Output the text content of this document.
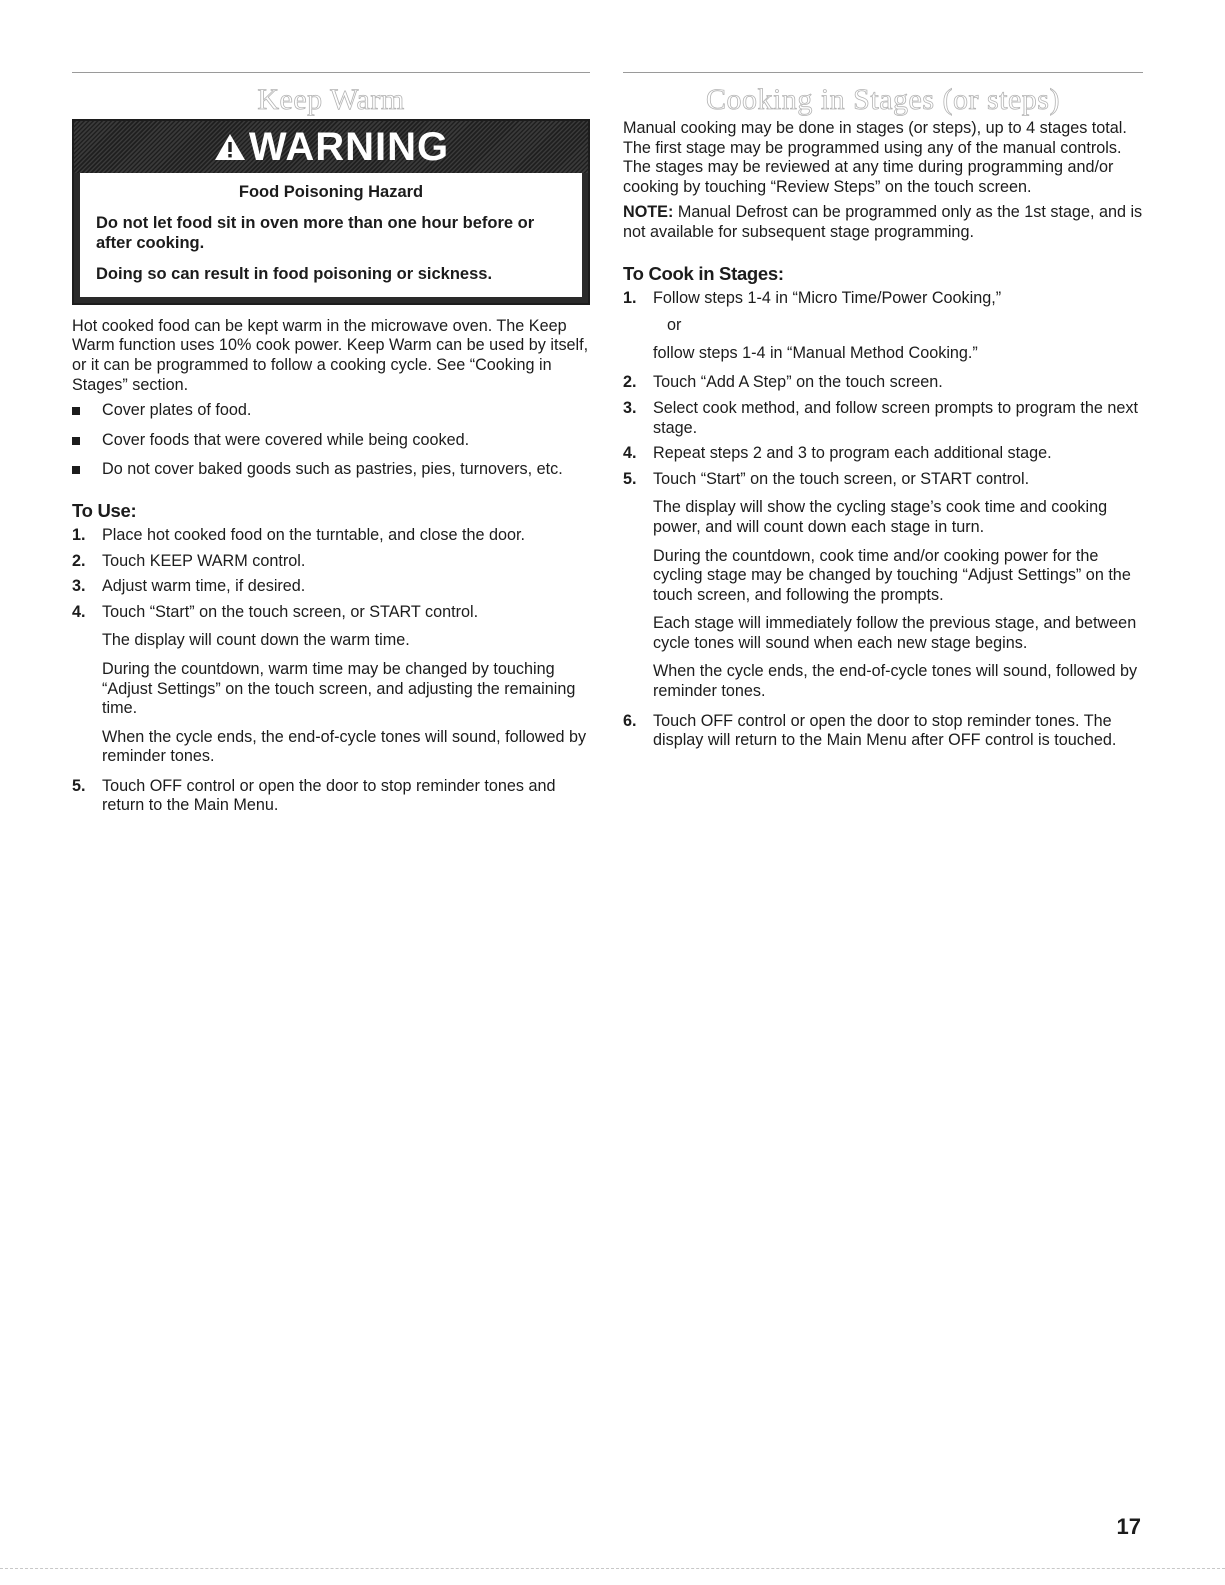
Keep Warm
WARNING
Food Poisoning Hazard
Do not let food sit in oven more than one hour before or after cooking.
Doing so can result in food poisoning or sickness.

Hot cooked food can be kept warm in the microwave oven. The Keep Warm function uses 10% cook power. Keep Warm can be used by itself, or it can be programmed to follow a cooking cycle. See “Cooking in Stages” section.

Cover plates of food.
Cover foods that were covered while being cooked.
Do not cover baked goods such as pastries, pies, turnovers, etc.
To Use:
1. Place hot cooked food on the turntable, and close the door.
2. Touch KEEP WARM control.
3. Adjust warm time, if desired.
4. Touch “Start” on the touch screen, or START control.

The display will count down the warm time.

During the countdown, warm time may be changed by touching “Adjust Settings” on the touch screen, and adjusting the remaining time.

When the cycle ends, the end-of-cycle tones will sound, followed by reminder tones.

5. Touch OFF control or open the door to stop reminder tones and return to the Main Menu.
Cooking in Stages (or steps)

Manual cooking may be done in stages (or steps), up to 4 stages total. The first stage may be programmed using any of the manual controls. The stages may be reviewed at any time during programming and/or cooking by touching “Review Steps” on the touch screen.

NOTE: Manual Defrost can be programmed only as the 1st stage, and is not available for subsequent stage programming.

To Cook in Stages:
1. Follow steps 1-4 in “Micro Time/Power Cooking,”

or

follow steps 1-4 in “Manual Method Cooking.”

2. Touch “Add A Step” on the touch screen.
3. Select cook method, and follow screen prompts to program the next stage.
4. Repeat steps 2 and 3 to program each additional stage.
5. Touch “Start” on the touch screen, or START control.

The display will show the cycling stage’s cook time and cooking power, and will count down each stage in turn.

During the countdown, cook time and/or cooking power for the cycling stage may be changed by touching “Adjust Settings” on the touch screen, and following the prompts.

Each stage will immediately follow the previous stage, and between cycle tones will sound when each new stage begins.

When the cycle ends, the end-of-cycle tones will sound, followed by reminder tones.

6. Touch OFF control or open the door to stop reminder tones. The display will return to the Main Menu after OFF control is touched.
17
